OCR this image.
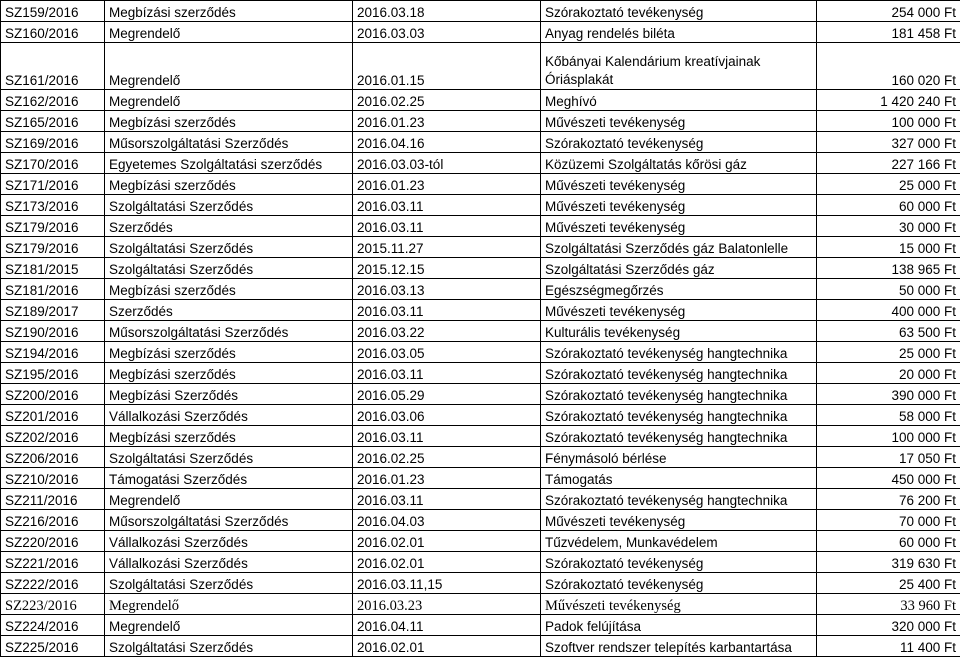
SZ159/2016	Megbízási szerződés	2016.03.18	Szórakoztató tevékenység	254 000 Ft
SZ160/2016	Megrendelő	2016.03.03	Anyag rendelés biléta	181 458 Ft
SZ161/2016	Megrendelő	2016.01.15	Kőbányai Kalendárium kreatívjainak Óriásplakát	160 020 Ft
SZ162/2016	Megrendelő	2016.02.25	Meghívó	1 420 240 Ft
SZ165/2016	Megbízási szerződés	2016.01.23	Művészeti tevékenység	100 000 Ft
SZ169/2016	Műsorszolgáltatási Szerződés	2016.04.16	Szórakoztató tevékenység	327 000 Ft
SZ170/2016	Egyetemes Szolgáltatási szerződés	2016.03.03-tól	Közüzemi Szolgáltatás kőrösi gáz	227 166 Ft
SZ171/2016	Megbízási szerződés	2016.01.23	Művészeti tevékenység	25 000 Ft
SZ173/2016	Szolgáltatási Szerződés	2016.03.11	Művészeti tevékenység	60 000 Ft
SZ179/2016	Szerződés	2016.03.11	Művészeti tevékenység	30 000 Ft
SZ179/2016	Szolgáltatási Szerződés	2015.11.27	Szolgáltatási Szerződés gáz Balatonlelle	15 000 Ft
SZ181/2015	Szolgáltatási Szerződés	2015.12.15	Szolgáltatási Szerződés gáz	138 965 Ft
SZ181/2016	Megbízási szerződés	2016.03.13	Egészségmegőrzés	50 000 Ft
SZ189/2017	Szerződés	2016.03.11	Művészeti tevékenység	400 000 Ft
SZ190/2016	Műsorszolgáltatási Szerződés	2016.03.22	Kulturális tevékenység	63 500 Ft
SZ194/2016	Megbízási szerződés	2016.03.05	Szórakoztató tevékenység hangtechnika	25 000 Ft
SZ195/2016	Megbízási szerződés	2016.03.11	Szórakoztató tevékenység hangtechnika	20 000 Ft
SZ200/2016	Megbízási Szerződés	2016.05.29	Szórakoztató tevékenység hangtechnika	390 000 Ft
SZ201/2016	Vállalkozási Szerződés	2016.03.06	Szórakoztató tevékenység hangtechnika	58 000 Ft
SZ202/2016	Megbízási szerződés	2016.03.11	Szórakoztató tevékenység hangtechnika	100 000 Ft
SZ206/2016	Szolgáltatási Szerződés	2016.02.25	Fénymásoló bérlése	17 050 Ft
SZ210/2016	Támogatási Szerződés	2016.01.23	Támogatás	450 000 Ft
SZ211/2016	Megrendelő	2016.03.11	Szórakoztató tevékenység hangtechnika	76 200 Ft
SZ216/2016	Műsorszolgáltatási Szerződés	2016.04.03	Művészeti tevékenység	70 000 Ft
SZ220/2016	Vállalkozási Szerződés	2016.02.01	Tűzvédelem, Munkavédelem	60 000 Ft
SZ221/2016	Vállalkozási Szerződés	2016.02.01	Szórakoztató tevékenység	319 630 Ft
SZ222/2016	Szolgáltatási Szerződés	2016.03.11,15	Szórakoztató tevékenység	25 400 Ft
SZ223/2016	Megrendelő	2016.03.23	Művészeti tevékenység	33 960 Ft
SZ224/2016	Megrendelő	2016.04.11	Padok felújítása	320 000 Ft
SZ225/2016	Szolgáltatási Szerződés	2016.02.01	Szoftver rendszer telepítés karbantartása	11 400 Ft
